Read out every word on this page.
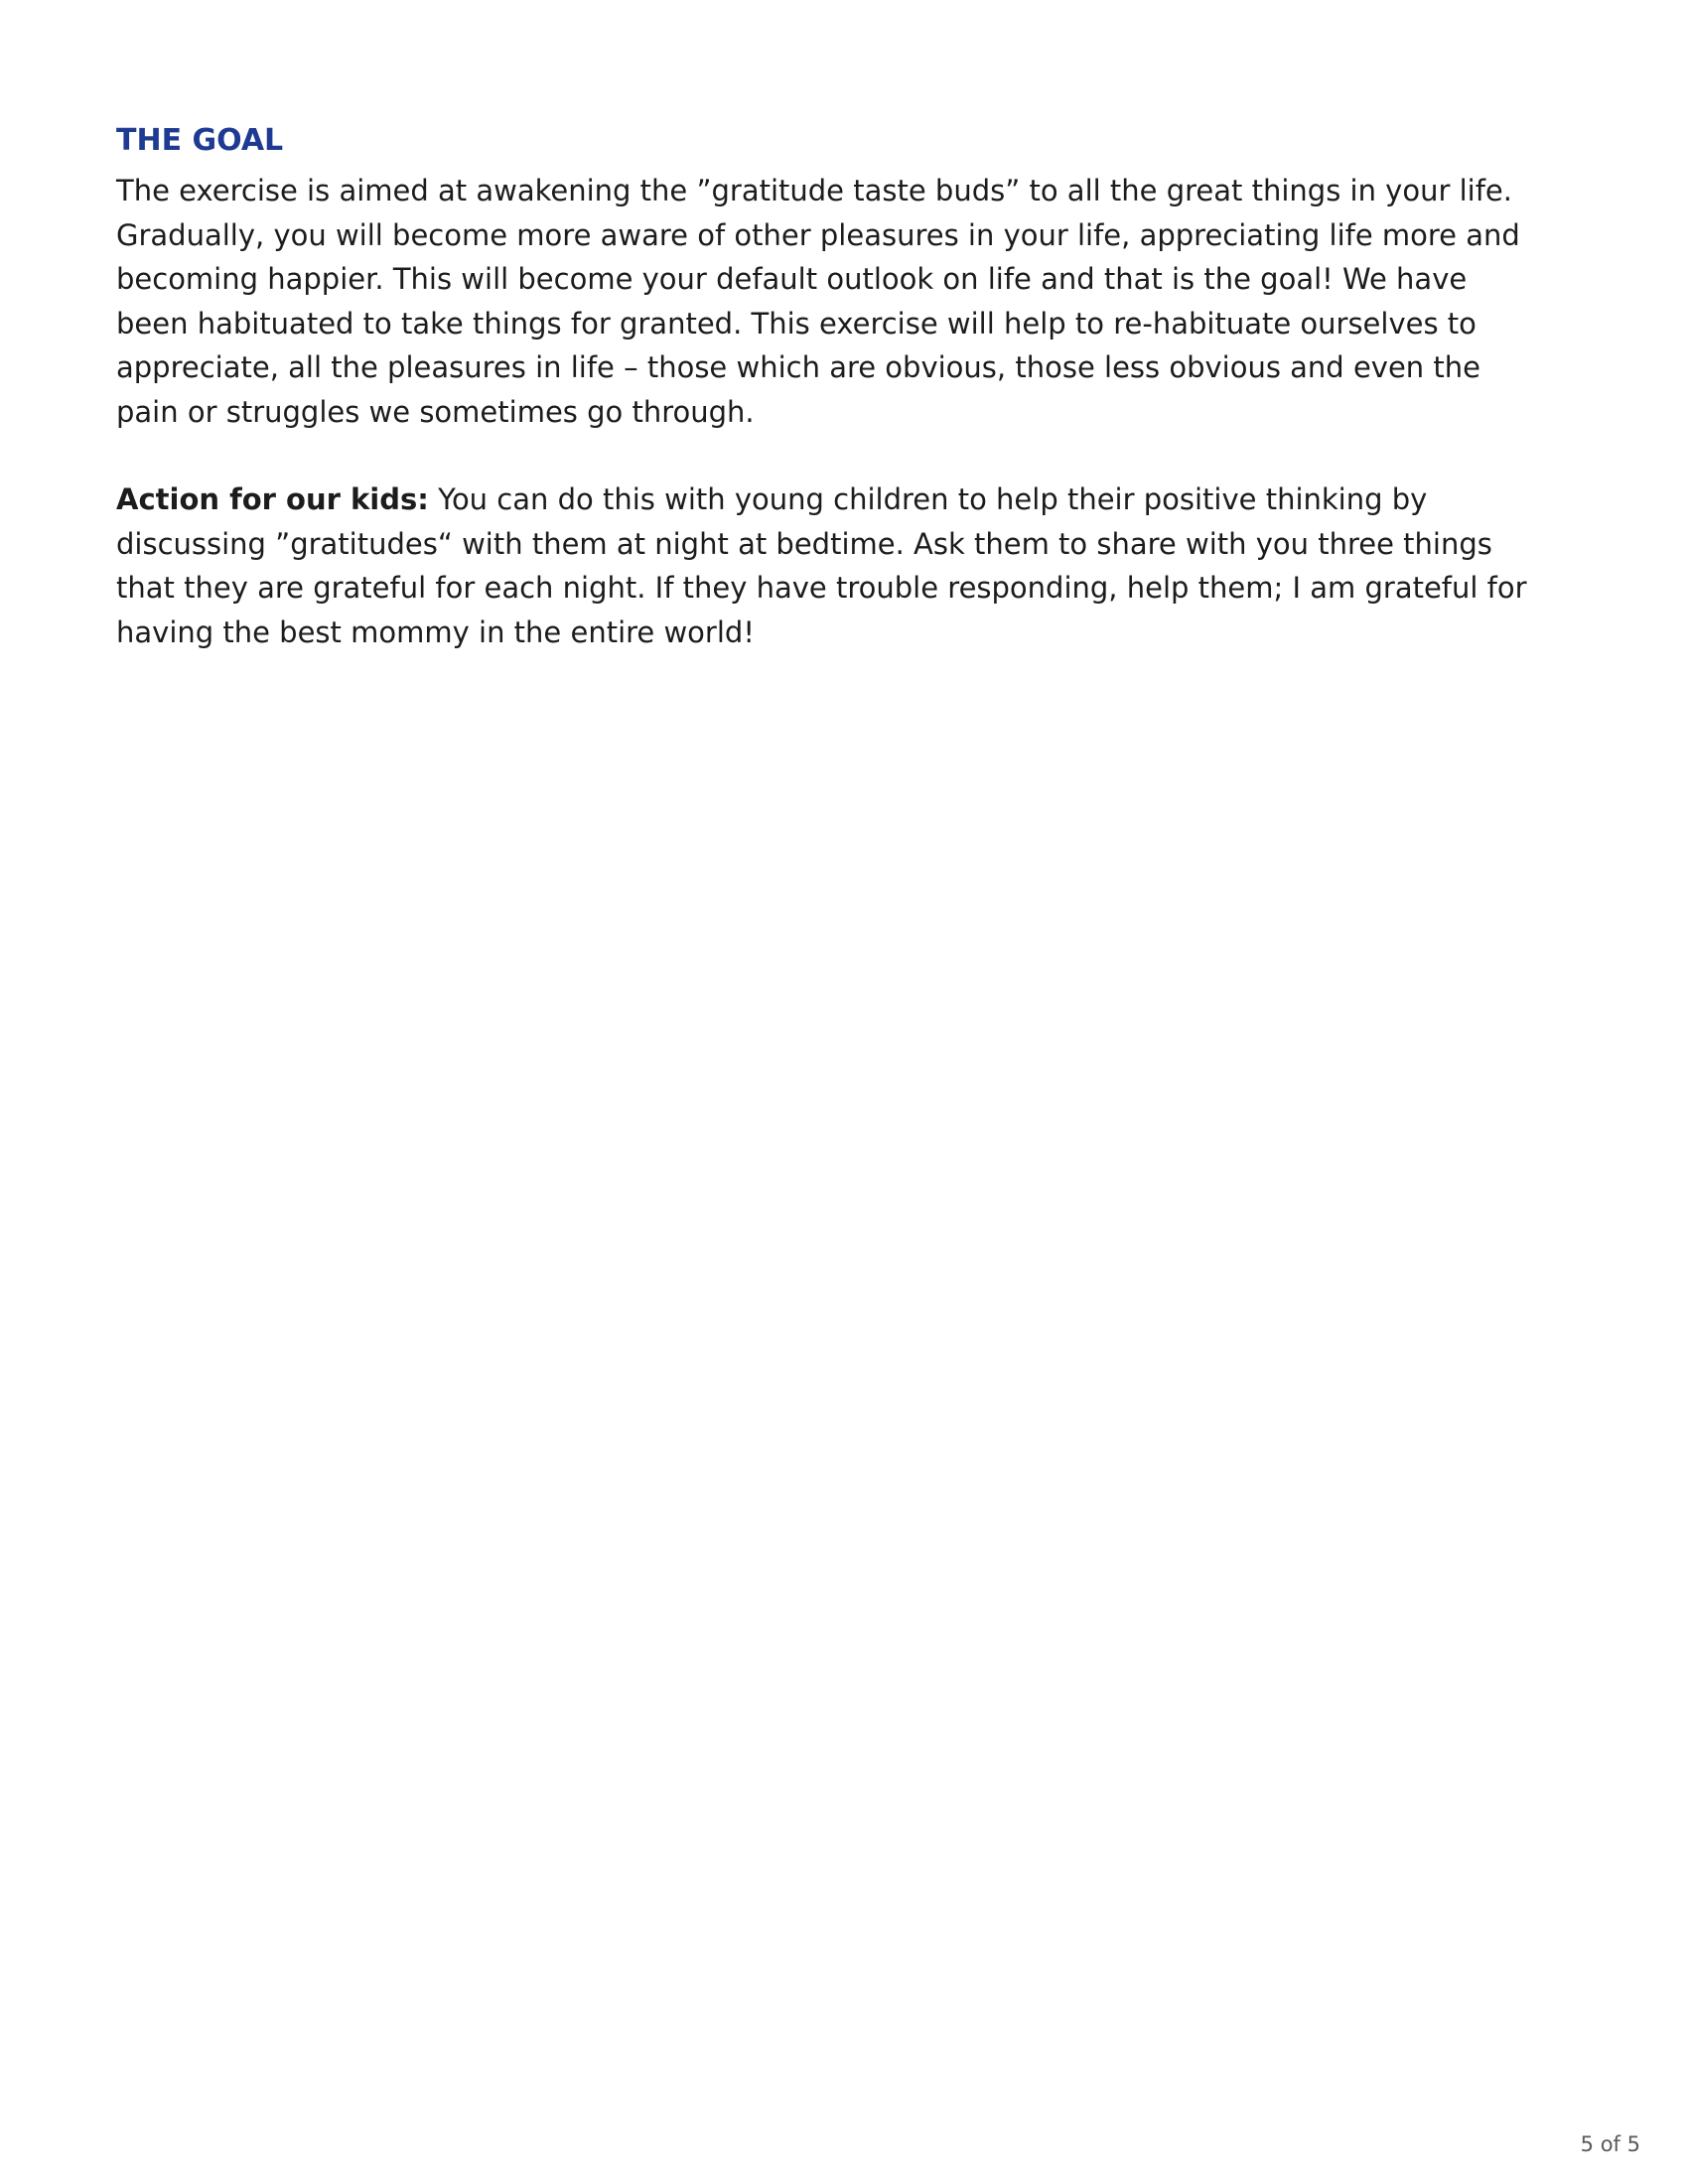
THE GOAL

The exercise is aimed at awakening the ”gratitude taste buds” to all the great things in your life.
Gradually, you will become more aware of other pleasures in your life, appreciating life more and
becoming happier. This will become your default outlook on life and that is the goal! We have
been habituated to take things for granted. This exercise will help to re-habituate ourselves to
appreciate, all the pleasures in life – those which are obvious, those less obvious and even the
pain or struggles we sometimes go through.

Action for our kids: You can do this with young children to help their positive thinking by
discussing ”gratitudes“ with them at night at bedtime. Ask them to share with you three things
that they are grateful for each night. If they have trouble responding, help them; I am grateful for
having the best mommy in the entire world!

5 of 5
